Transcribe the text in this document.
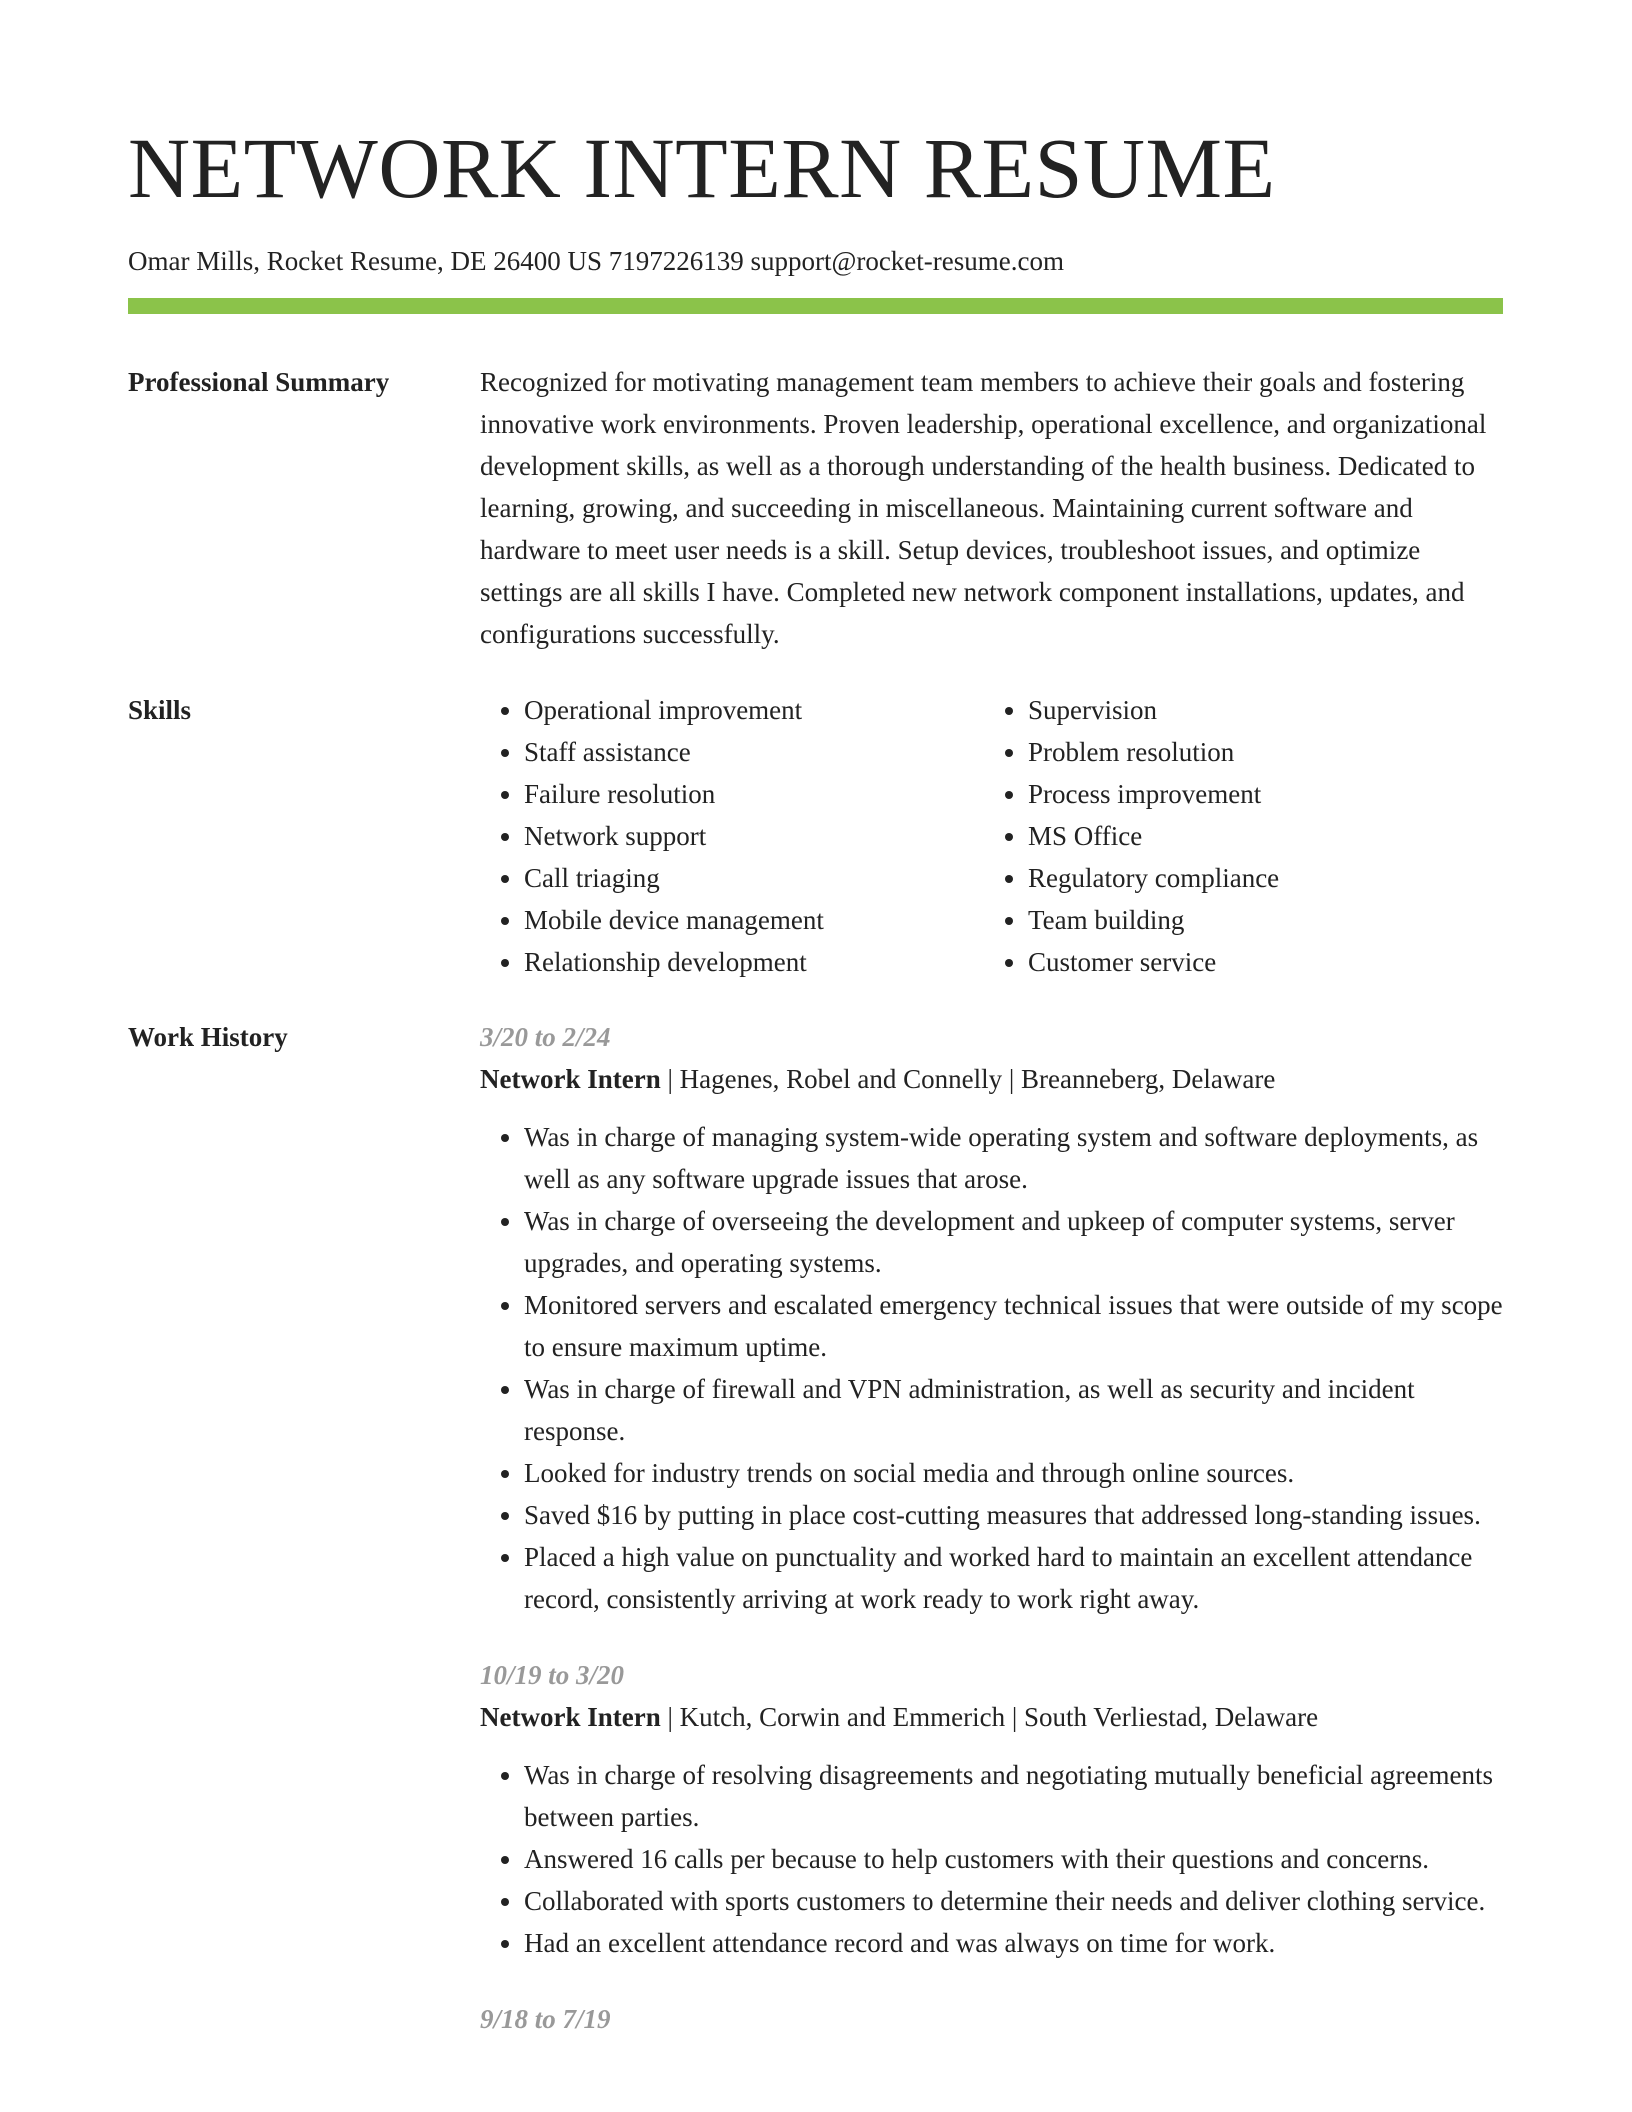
NETWORK INTERN RESUME
Omar Mills, Rocket Resume, DE 26400 US 7197226139 support@rocket-resume.com
Professional Summary	Recognized for motivating management team members to achieve their goals and fostering innovative work environments. Proven leadership, operational excellence, and organizational development skills, as well as a thorough understanding of the health business. Dedicated to learning, growing, and succeeding in miscellaneous. Maintaining current software and hardware to meet user needs is a skill. Setup devices, troubleshoot issues, and optimize settings are all skills I have. Completed new network component installations, updates, and configurations successfully.

Skills
•	Operational improvement
• Staff assistance
• Failure resolution
• Network support
• Call triaging
• Mobile device management
• Relationship development
• Supervision
• Problem resolution
• Process improvement
• MS Office
• Regulatory compliance
• Team building
• Customer service
Work History	3/20 to 2/24
Network Intern | Hagenes, Robel and Connelly | Breanneberg, Delaware
• Was in charge of managing system-wide operating system and software deployments, as well as any software upgrade issues that arose.
• Was in charge of overseeing the development and upkeep of computer systems, server upgrades, and operating systems.
• Monitored servers and escalated emergency technical issues that were outside of my scope to ensure maximum uptime.
• Was in charge of firewall and VPN administration, as well as security and incident response.
• Looked for industry trends on social media and through online sources.
• Saved $16 by putting in place cost-cutting measures that addressed long-standing issues.
• Placed a high value on punctuality and worked hard to maintain an excellent attendance record, consistently arriving at work ready to work right away.
10/19 to 3/20
Network Intern | Kutch, Corwin and Emmerich | South Verliestad, Delaware
• Was in charge of resolving disagreements and negotiating mutually beneficial agreements between parties.
• Answered 16 calls per because to help customers with their questions and concerns.
• Collaborated with sports customers to determine their needs and deliver clothing service.
• Had an excellent attendance record and was always on time for work.
9/18 to 7/19
